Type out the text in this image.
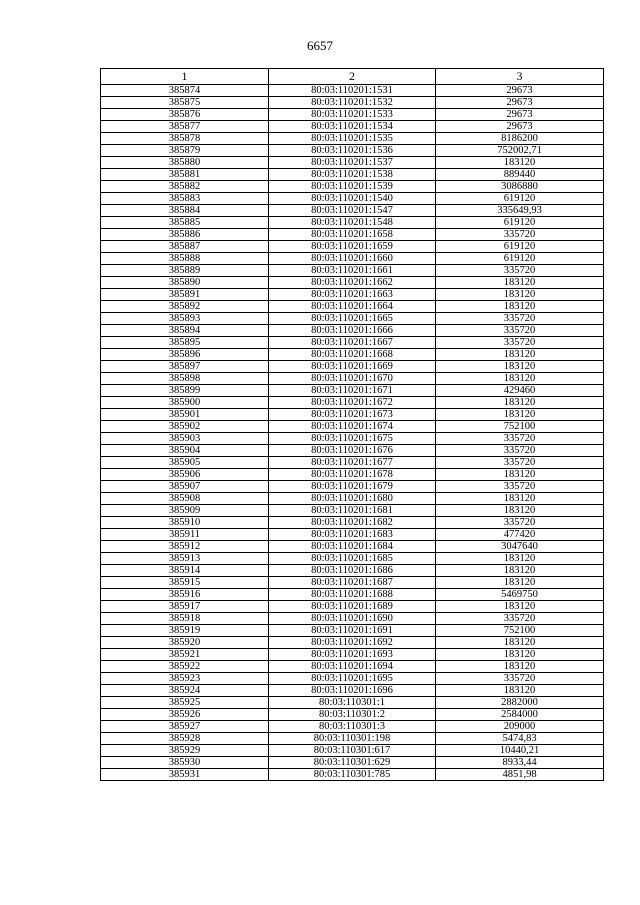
6657
1	2	3
385874	80:03:110201:1531	29673
385875	80:03:110201:1532	29673
385876	80:03:110201:1533	29673
385877	80:03:110201:1534	29673
385878	80:03:110201:1535	8186200
385879	80:03:110201:1536	752002,71
385880	80:03:110201:1537	183120
385881	80:03:110201:1538	889440
385882	80:03:110201:1539	3086880
385883	80:03:110201:1540	619120
385884	80:03:110201:1547	335649,93
385885	80:03:110201:1548	619120
385886	80:03:110201:1658	335720
385887	80:03:110201:1659	619120
385888	80:03:110201:1660	619120
385889	80:03:110201:1661	335720
385890	80:03:110201:1662	183120
385891	80:03:110201:1663	183120
385892	80:03:110201:1664	183120
385893	80:03:110201:1665	335720
385894	80:03:110201:1666	335720
385895	80:03:110201:1667	335720
385896	80:03:110201:1668	183120
385897	80:03:110201:1669	183120
385898	80:03:110201:1670	183120
385899	80:03:110201:1671	429460
385900	80:03:110201:1672	183120
385901	80:03:110201:1673	183120
385902	80:03:110201:1674	752100
385903	80:03:110201:1675	335720
385904	80:03:110201:1676	335720
385905	80:03:110201:1677	335720
385906	80:03:110201:1678	183120
385907	80:03:110201:1679	335720
385908	80:03:110201:1680	183120
385909	80:03:110201:1681	183120
385910	80:03:110201:1682	335720
385911	80:03:110201:1683	477420
385912	80:03:110201:1684	3047640
385913	80:03:110201:1685	183120
385914	80:03:110201:1686	183120
385915	80:03:110201:1687	183120
385916	80:03:110201:1688	5469750
385917	80:03:110201:1689	183120
385918	80:03:110201:1690	335720
385919	80:03:110201:1691	752100
385920	80:03:110201:1692	183120
385921	80:03:110201:1693	183120
385922	80:03:110201:1694	183120
385923	80:03:110201:1695	335720
385924	80:03:110201:1696	183120
385925	80:03:110301:1	2882000
385926	80:03:110301:2	2584000
385927	80:03:110301:3	209000
385928	80:03:110301:198	5474,83
385929	80:03:110301:617	10440,21
385930	80:03:110301:629	8933,44
385931	80:03:110301:785	4851,98
